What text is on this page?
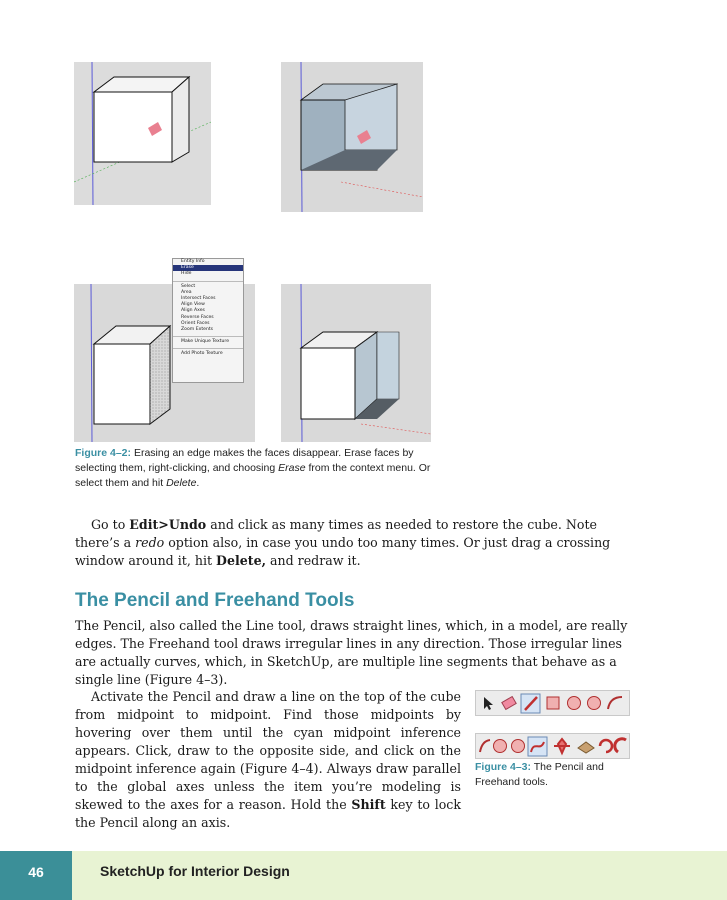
Entity Info
Erase
Hide
Select
Area
Intersect Faces
Align View
Align Axes
Reverse Faces
Orient Faces
Zoom Extents
Make Unique Texture
Add Photo Texture
Figure 4–2: Erasing an edge makes the faces disappear. Erase faces by selecting them, right-clicking, and choosing Erase from the context menu. Or select them and hit Delete.
Go to Edit>Undo and click as many times as needed to restore the cube. Note there’s a redo option also, in case you undo too many times. Or just drag a crossing window around it, hit Delete, and redraw it.
The Pencil and Freehand Tools
The Pencil, also called the Line tool, draws straight lines, which, in a model, are really edges. The Freehand tool draws irregular lines in any direction. Those irregular lines are actually curves, which, in SketchUp, are multiple line segments that behave as a single line (Figure 4–3).
Activate the Pencil and draw a line on the top of the cube from midpoint to midpoint. Find those midpoints by hovering over them until the cyan midpoint inference appears. Click, draw to the opposite side, and click on the midpoint inference again (Figure 4–4). Always draw parallel to the global axes unless the item you’re modeling is skewed to the axes for a reason. Hold the Shift key to lock the Pencil along an axis.
Figure 4–3: The Pencil and Freehand tools.
46	SketchUp for Interior Design
